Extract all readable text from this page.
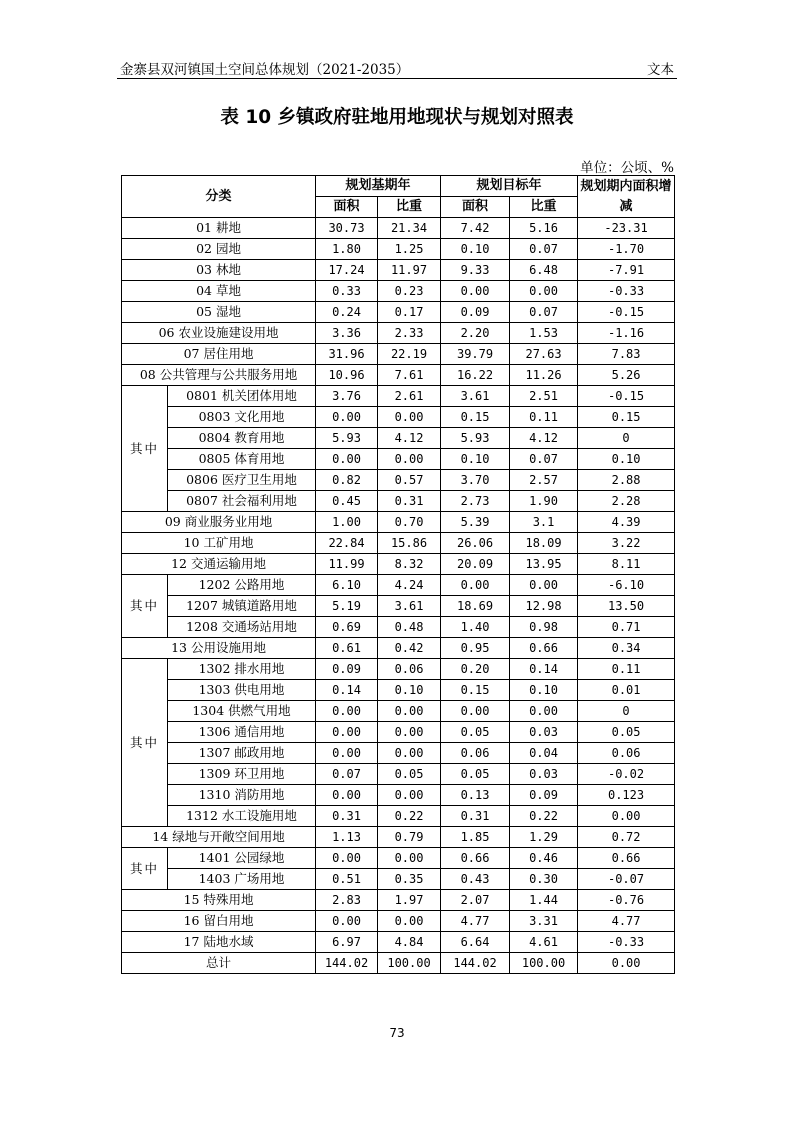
金寨县双河镇国土空间总体规划（2021-2035）	文本
表 10 乡镇政府驻地用地现状与规划对照表
单位：公顷、%
分类		规划基期年		规划目标年		规划期内面积增减
		面积	比重	面积	比重	
01 耕地		30.73	21.34	7.42	5.16	-23.31
02 园地		1.80	1.25	0.10	0.07	-1.70
03 林地		17.24	11.97	9.33	6.48	-7.91
04 草地		0.33	0.23	0.00	0.00	-0.33
05 湿地		0.24	0.17	0.09	0.07	-0.15
06 农业设施建设用地		3.36	2.33	2.20	1.53	-1.16
07 居住用地		31.96	22.19	39.79	27.63	7.83
08 公共管理与公共服务用地		10.96	7.61	16.22	11.26	5.26
其中	0801 机关团体用地	3.76	2.61	3.61	2.51	-0.15
	0803 文化用地	0.00	0.00	0.15	0.11	0.15
	0804 教育用地	5.93	4.12	5.93	4.12	0
	0805 体育用地	0.00	0.00	0.10	0.07	0.10
	0806 医疗卫生用地	0.82	0.57	3.70	2.57	2.88
	0807 社会福利用地	0.45	0.31	2.73	1.90	2.28
09 商业服务业用地		1.00	0.70	5.39	3.1	4.39
10 工矿用地		22.84	15.86	26.06	18.09	3.22
12 交通运输用地		11.99	8.32	20.09	13.95	8.11
其中	1202 公路用地	6.10	4.24	0.00	0.00	-6.10
	1207 城镇道路用地	5.19	3.61	18.69	12.98	13.50
	1208 交通场站用地	0.69	0.48	1.40	0.98	0.71
13 公用设施用地		0.61	0.42	0.95	0.66	0.34
其中	1302 排水用地	0.09	0.06	0.20	0.14	0.11
	1303 供电用地	0.14	0.10	0.15	0.10	0.01
	1304 供燃气用地	0.00	0.00	0.00	0.00	0
	1306 通信用地	0.00	0.00	0.05	0.03	0.05
	1307 邮政用地	0.00	0.00	0.06	0.04	0.06
	1309 环卫用地	0.07	0.05	0.05	0.03	-0.02
	1310 消防用地	0.00	0.00	0.13	0.09	0.123
	1312 水工设施用地	0.31	0.22	0.31	0.22	0.00
14 绿地与开敞空间用地		1.13	0.79	1.85	1.29	0.72
其中	1401 公园绿地	0.00	0.00	0.66	0.46	0.66
	1403 广场用地	0.51	0.35	0.43	0.30	-0.07
15 特殊用地		2.83	1.97	2.07	1.44	-0.76
16 留白用地		0.00	0.00	4.77	3.31	4.77
17 陆地水域		6.97	4.84	6.64	4.61	-0.33
总计		144.02	100.00	144.02	100.00	0.00
73
